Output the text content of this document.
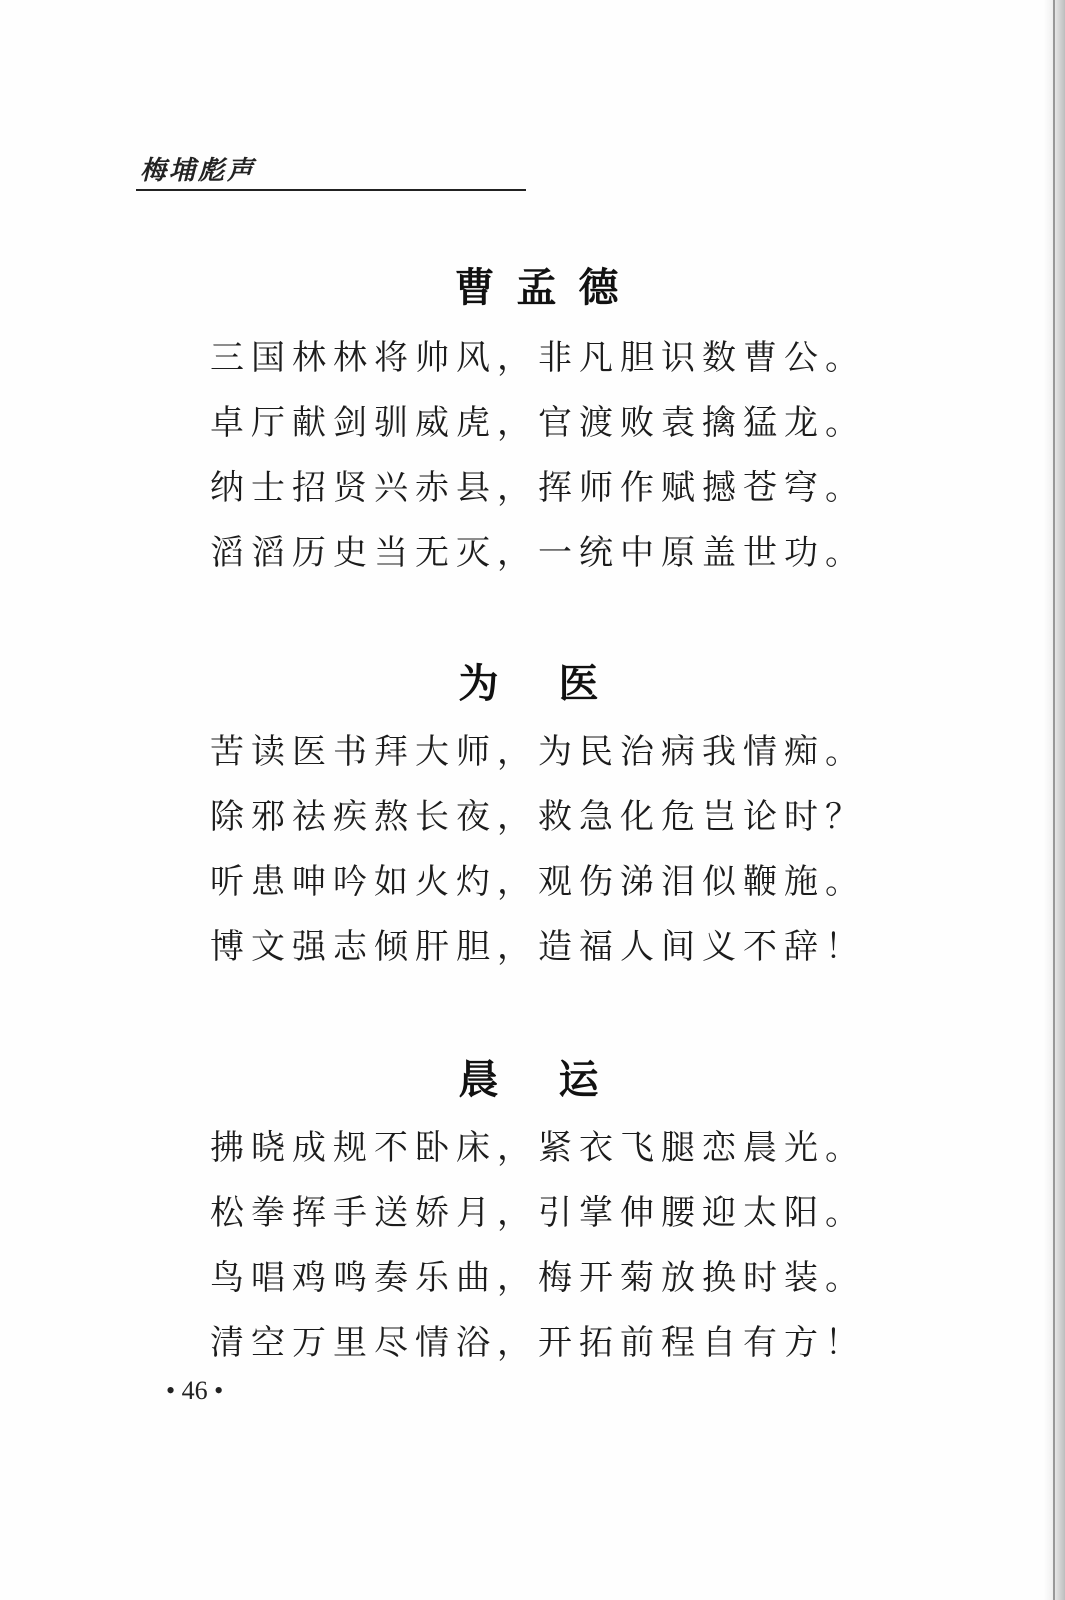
梅埔彪声
曹孟德
三国林林将帅风，非凡胆识数曹公。
卓厅献剑驯威虎，官渡败袁擒猛龙。
纳士招贤兴赤县，挥师作赋撼苍穹。
滔滔历史当无灭，一统中原盖世功。
为医
苦读医书拜大师，为民治病我情痴。
除邪祛疾熬长夜，救急化危岂论时？
听患呻吟如火灼，观伤涕泪似鞭施。
博文强志倾肝胆，造福人间义不辞！
晨运
拂晓成规不卧床，紧衣飞腿恋晨光。
松拳挥手送娇月，引掌伸腰迎太阳。
鸟唱鸡鸣奏乐曲，梅开菊放换时装。
清空万里尽情浴，开拓前程自有方！
• 46 •
